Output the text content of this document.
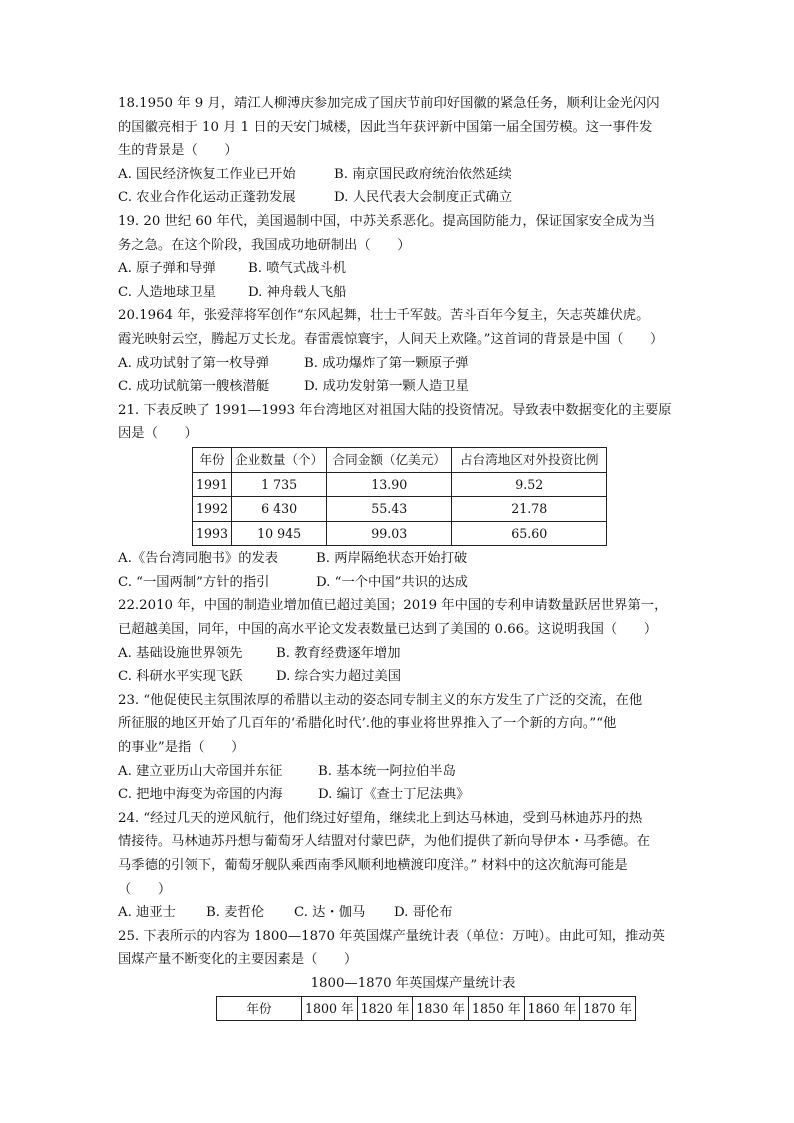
18.1950 年 9 月，靖江人柳溥庆参加完成了国庆节前印好国徽的紧急任务，顺利让金光闪闪

的国徽亮相于 10 月 1 日的天安门城楼，因此当年获评新中国第一届全国劳模。这一事件发

生的背景是（　　）

A. 国民经济恢复工作业已开始	B. 南京国民政府统治依然延续
C. 农业合作化运动正蓬勃发展	D. 人民代表大会制度正式确立

19. 20 世纪 60 年代，美国遏制中国，中苏关系恶化。提高国防能力，保证国家安全成为当

务之急。在这个阶段，我国成功地研制出（　　）

A. 原子弹和导弹	B. 喷气式战斗机
C. 人造地球卫星	D. 神舟载人飞船

20.1964 年，张爱萍将军创作“东风起舞，壮士千军鼓。苦斗百年今复主，矢志英雄伏虎。

霞光映射云空，腾起万丈长龙。春雷震惊寰宇，人间天上欢隆。”这首词的背景是中国（　　）

A. 成功试射了第一枚导弹	B. 成功爆炸了第一颗原子弹
C. 成功试航第一艘核潜艇	D. 成功发射第一颗人造卫星

21. 下表反映了 1991—1993 年台湾地区对祖国大陆的投资情况。导致表中数据变化的主要原

因是（　　）

年份	企业数量（个）	合同金额（亿美元）	占台湾地区对外投资比例
1991	1 735	13.90	9.52
1992	6 430	55.43	21.78
1993	10 945	99.03	65.60
A.《告台湾同胞书》的发表	B. 两岸隔绝状态开始打破
C. “一国两制”方针的指引	D. “一个中国”共识的达成

22.2010 年，中国的制造业增加值已超过美国；2019 年中国的专利申请数量跃居世界第一，

已超越美国，同年，中国的高水平论文发表数量已达到了美国的 0.66。这说明我国（　　）

A. 基础设施世界领先	B. 教育经费逐年增加
C. 科研水平实现飞跃	D. 综合实力超过美国

23. “他促使民主氛围浓厚的希腊以主动的姿态同专制主义的东方发生了广泛的交流，在他

所征服的地区开始了几百年的‘希腊化时代’.他的事业将世界推入了一个新的方向。”“他

的事业”是指（　　）

A. 建立亚历山大帝国并东征	B. 基本统一阿拉伯半岛
C. 把地中海变为帝国的内海	D. 编订《查士丁尼法典》

24. “经过几天的逆风航行，他们绕过好望角，继续北上到达马林迪，受到马林迪苏丹的热

情接待。马林迪苏丹想与葡萄牙人结盟对付蒙巴萨，为他们提供了新向导伊本・马季德。在

马季德的引领下，葡萄牙舰队乘西南季风顺利地横渡印度洋。” 材料中的这次航海可能是

（　　）

A. 迪亚士	B. 麦哲伦	C. 达・伽马	D. 哥伦布

25. 下表所示的内容为 1800—1870 年英国煤产量统计表（单位：万吨）。由此可知，推动英

国煤产量不断变化的主要因素是（　　）

1800—1870 年英国煤产量统计表

年份	1800 年	1820 年	1830 年	1850 年	1860 年	1870 年
